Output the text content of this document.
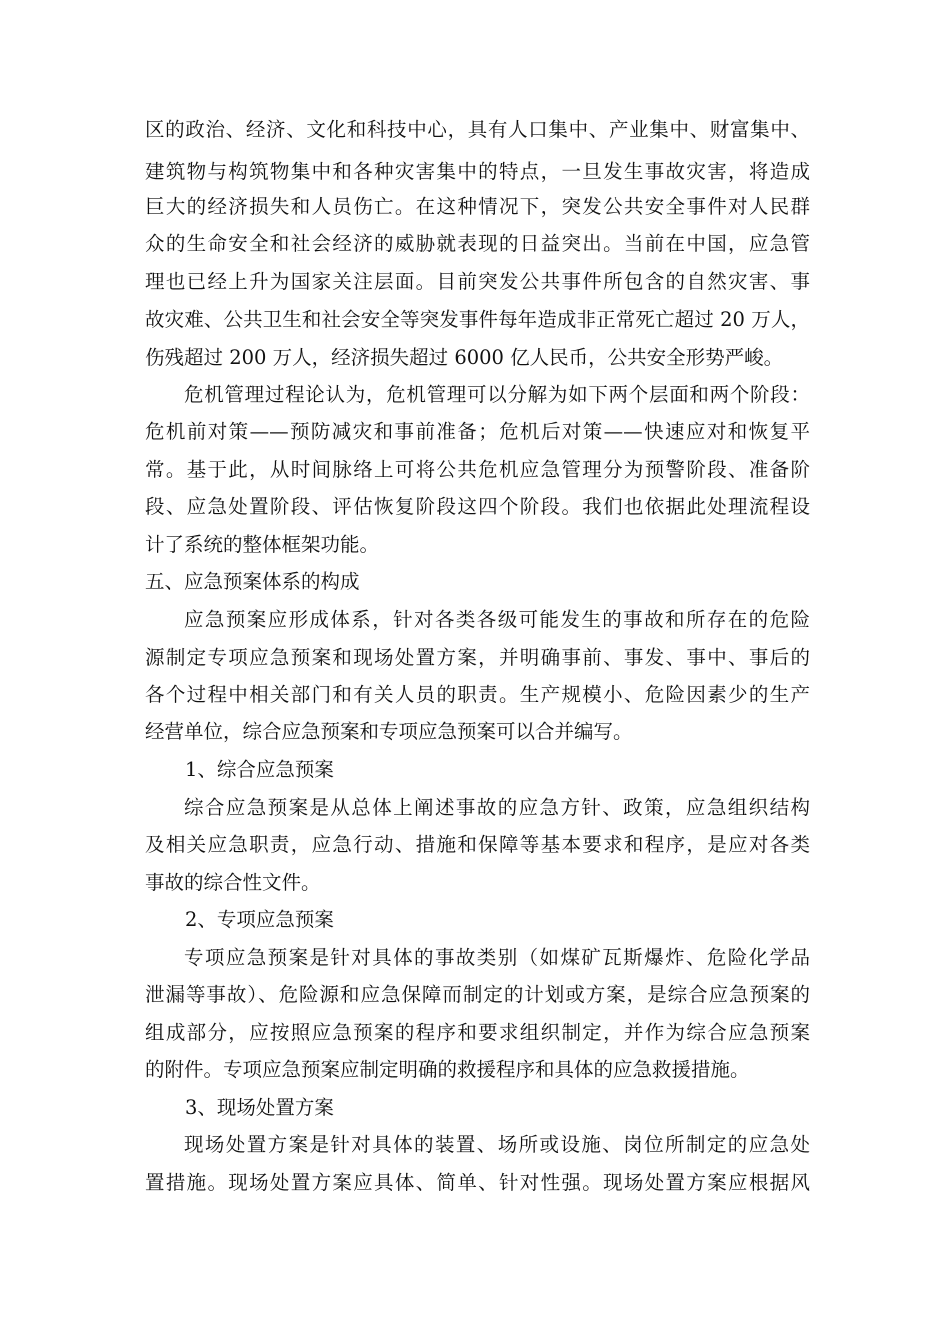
区的政治、经济、文化和科技中心，具有人口集中、产业集中、财富集中、
建筑物与构筑物集中和各种灾害集中的特点，一旦发生事故灾害，将造成
巨大的经济损失和人员伤亡。在这种情况下，突发公共安全事件对人民群
众的生命安全和社会经济的威胁就表现的日益突出。当前在中国，应急管
理也已经上升为国家关注层面。目前突发公共事件所包含的自然灾害、事
故灾难、公共卫生和社会安全等突发事件每年造成非正常死亡超过 20 万人，
伤残超过 200 万人，经济损失超过 6000 亿人民币，公共安全形势严峻。
危机管理过程论认为，危机管理可以分解为如下两个层面和两个阶段：
危机前对策——预防减灾和事前准备；危机后对策——快速应对和恢复平
常。基于此，从时间脉络上可将公共危机应急管理分为预警阶段、准备阶
段、应急处置阶段、评估恢复阶段这四个阶段。我们也依据此处理流程设
计了系统的整体框架功能。
五、应急预案体系的构成
应急预案应形成体系，针对各类各级可能发生的事故和所存在的危险
源制定专项应急预案和现场处置方案，并明确事前、事发、事中、事后的
各个过程中相关部门和有关人员的职责。生产规模小、危险因素少的生产
经营单位，综合应急预案和专项应急预案可以合并编写。
1、综合应急预案
综合应急预案是从总体上阐述事故的应急方针、政策，应急组织结构
及相关应急职责，应急行动、措施和保障等基本要求和程序，是应对各类
事故的综合性文件。
2、专项应急预案
专项应急预案是针对具体的事故类别（如煤矿瓦斯爆炸、危险化学品
泄漏等事故）、危险源和应急保障而制定的计划或方案，是综合应急预案的
组成部分，应按照应急预案的程序和要求组织制定，并作为综合应急预案
的附件。专项应急预案应制定明确的救援程序和具体的应急救援措施。
3、现场处置方案
现场处置方案是针对具体的装置、场所或设施、岗位所制定的应急处
置措施。现场处置方案应具体、简单、针对性强。现场处置方案应根据风
